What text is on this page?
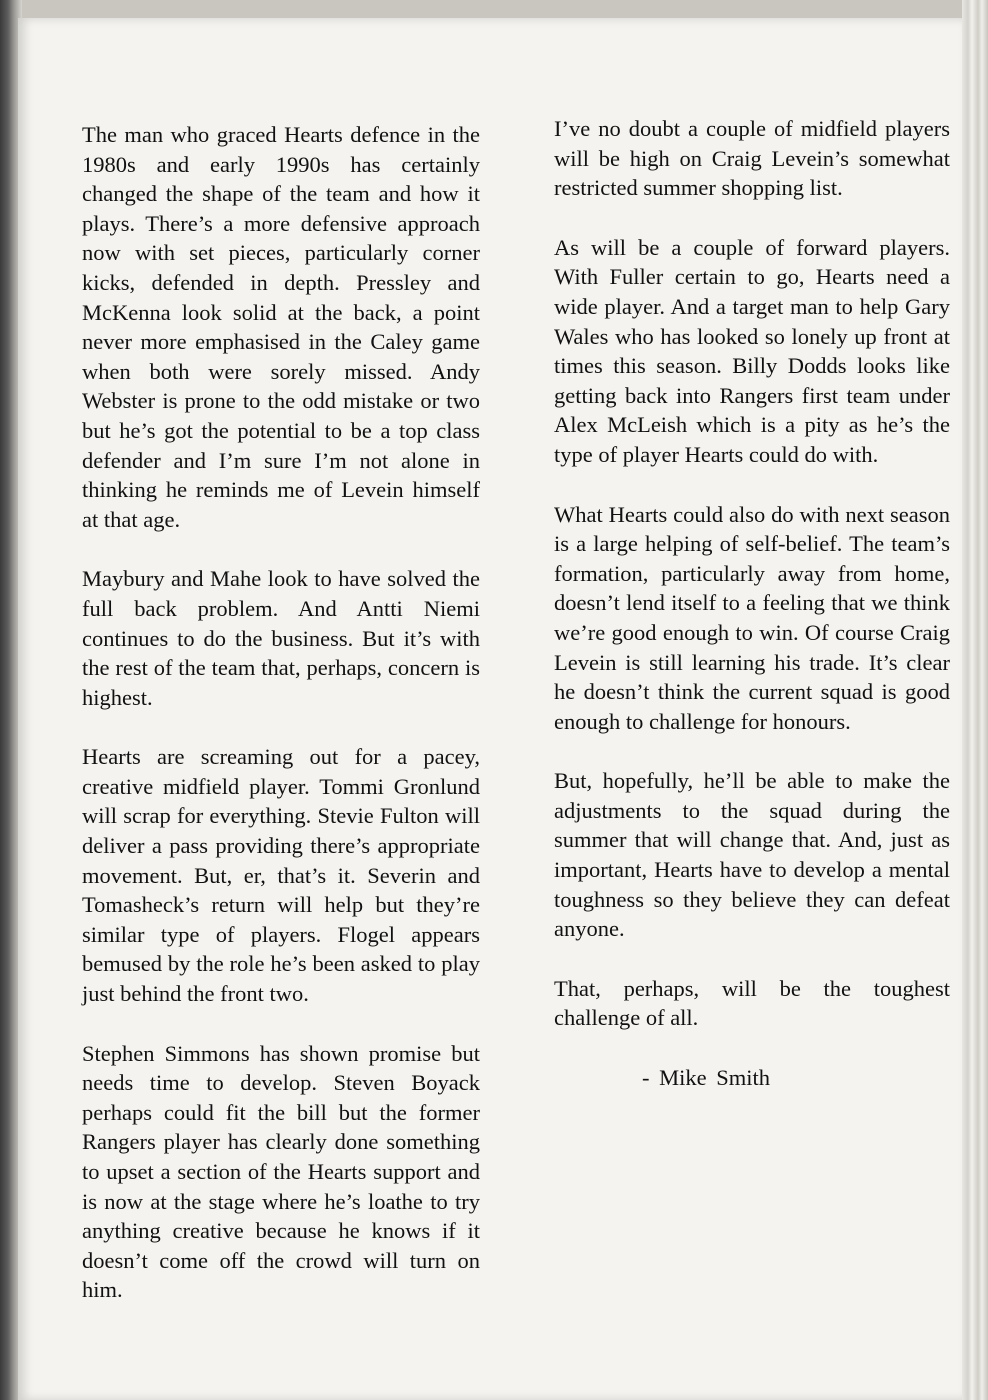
The man who graced Hearts defence in the 1980s and early 1990s has certainly changed the shape of the team and how it plays. There’s a more defensive approach now with set pieces, particularly corner kicks, defended in depth. Pressley and McKenna look solid at the back, a point never more emphasised in the Caley game when both were sorely missed. Andy Webster is prone to the odd mistake or two but he’s got the potential to be a top class defender and I’m sure I’m not alone in thinking he reminds me of Levein himself at that age.

Maybury and Mahe look to have solved the full back problem. And Antti Niemi continues to do the business. But it’s with the rest of the team that, perhaps, concern is highest.

Hearts are screaming out for a pacey, creative midfield player. Tommi Gronlund will scrap for everything. Stevie Fulton will deliver a pass providing there’s appropriate movement. But, er, that’s it. Severin and Tomasheck’s return will help but they’re similar type of players. Flogel appears bemused by the role he’s been asked to play just behind the front two.

Stephen Simmons has shown promise but needs time to develop. Steven Boyack perhaps could fit the bill but the former Rangers player has clearly done something to upset a section of the Hearts support and is now at the stage where he’s loathe to try anything creative because he knows if it doesn’t come off the crowd will turn on him.

I’ve no doubt a couple of midfield players will be high on Craig Levein’s somewhat restricted summer shopping list.

As will be a couple of forward players. With Fuller certain to go, Hearts need a wide player. And a target man to help Gary Wales who has looked so lonely up front at times this season. Billy Dodds looks like getting back into Rangers first team under Alex McLeish which is a pity as he’s the type of player Hearts could do with.

What Hearts could also do with next season is a large helping of self-belief. The team’s formation, particularly away from home, doesn’t lend itself to a feeling that we think we’re good enough to win. Of course Craig Levein is still learning his trade. It’s clear he doesn’t think the current squad is good enough to challenge for honours.

But, hopefully, he’ll be able to make the adjustments to the squad during the summer that will change that. And, just as important, Hearts have to develop a mental toughness so they believe they can defeat anyone.

That, perhaps, will be the toughest challenge of all.

- Mike Smith
